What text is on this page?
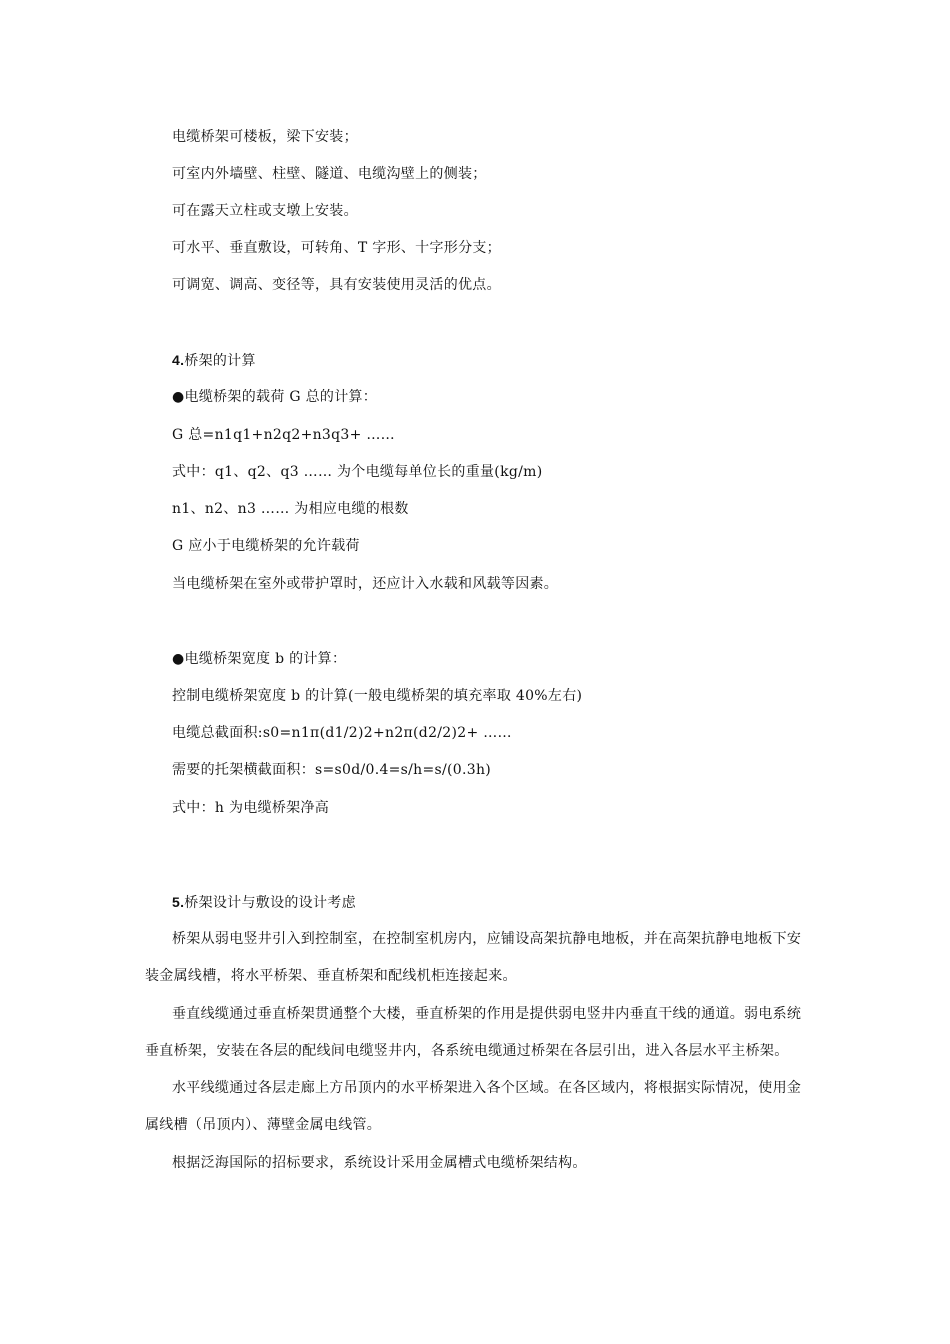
电缆桥架可楼板，梁下安装；
可室内外墙壁、柱壁、隧道、电缆沟壁上的侧装；
可在露天立柱或支墩上安装。
可水平、垂直敷设，可转角、T 字形、十字形分支；
可调宽、调高、变径等，具有安装使用灵活的优点。
4.桥架的计算
●电缆桥架的载荷 G 总的计算：
G 总=n1q1+n2q2+n3q3+ ……
式中：q1、q2、q3 …… 为个电缆每单位长的重量(kg/m)
n1、n2、n3 …… 为相应电缆的根数
G 应小于电缆桥架的允许载荷
当电缆桥架在室外或带护罩时，还应计入水载和风载等因素。
●电缆桥架宽度 b 的计算：
控制电缆桥架宽度 b 的计算(一般电缆桥架的填充率取 40%左右)
电缆总截面积:s0=n1π(d1/2)2+n2π(d2/2)2+ ……
需要的托架横截面积：s=s0d/0.4=s/h=s/(0.3h)
式中：h 为电缆桥架净高
5.桥架设计与敷设的设计考虑
桥架从弱电竖井引入到控制室，在控制室机房内，应铺设高架抗静电地板，并在高架抗静电地板下安
装金属线槽，将水平桥架、垂直桥架和配线机柜连接起来。
垂直线缆通过垂直桥架贯通整个大楼，垂直桥架的作用是提供弱电竖井内垂直干线的通道。弱电系统
垂直桥架，安装在各层的配线间电缆竖井内，各系统电缆通过桥架在各层引出，进入各层水平主桥架。
水平线缆通过各层走廊上方吊顶内的水平桥架进入各个区域。在各区域内，将根据实际情况，使用金
属线槽（吊顶内）、薄壁金属电线管。
根据泛海国际的招标要求，系统设计采用金属槽式电缆桥架结构。
